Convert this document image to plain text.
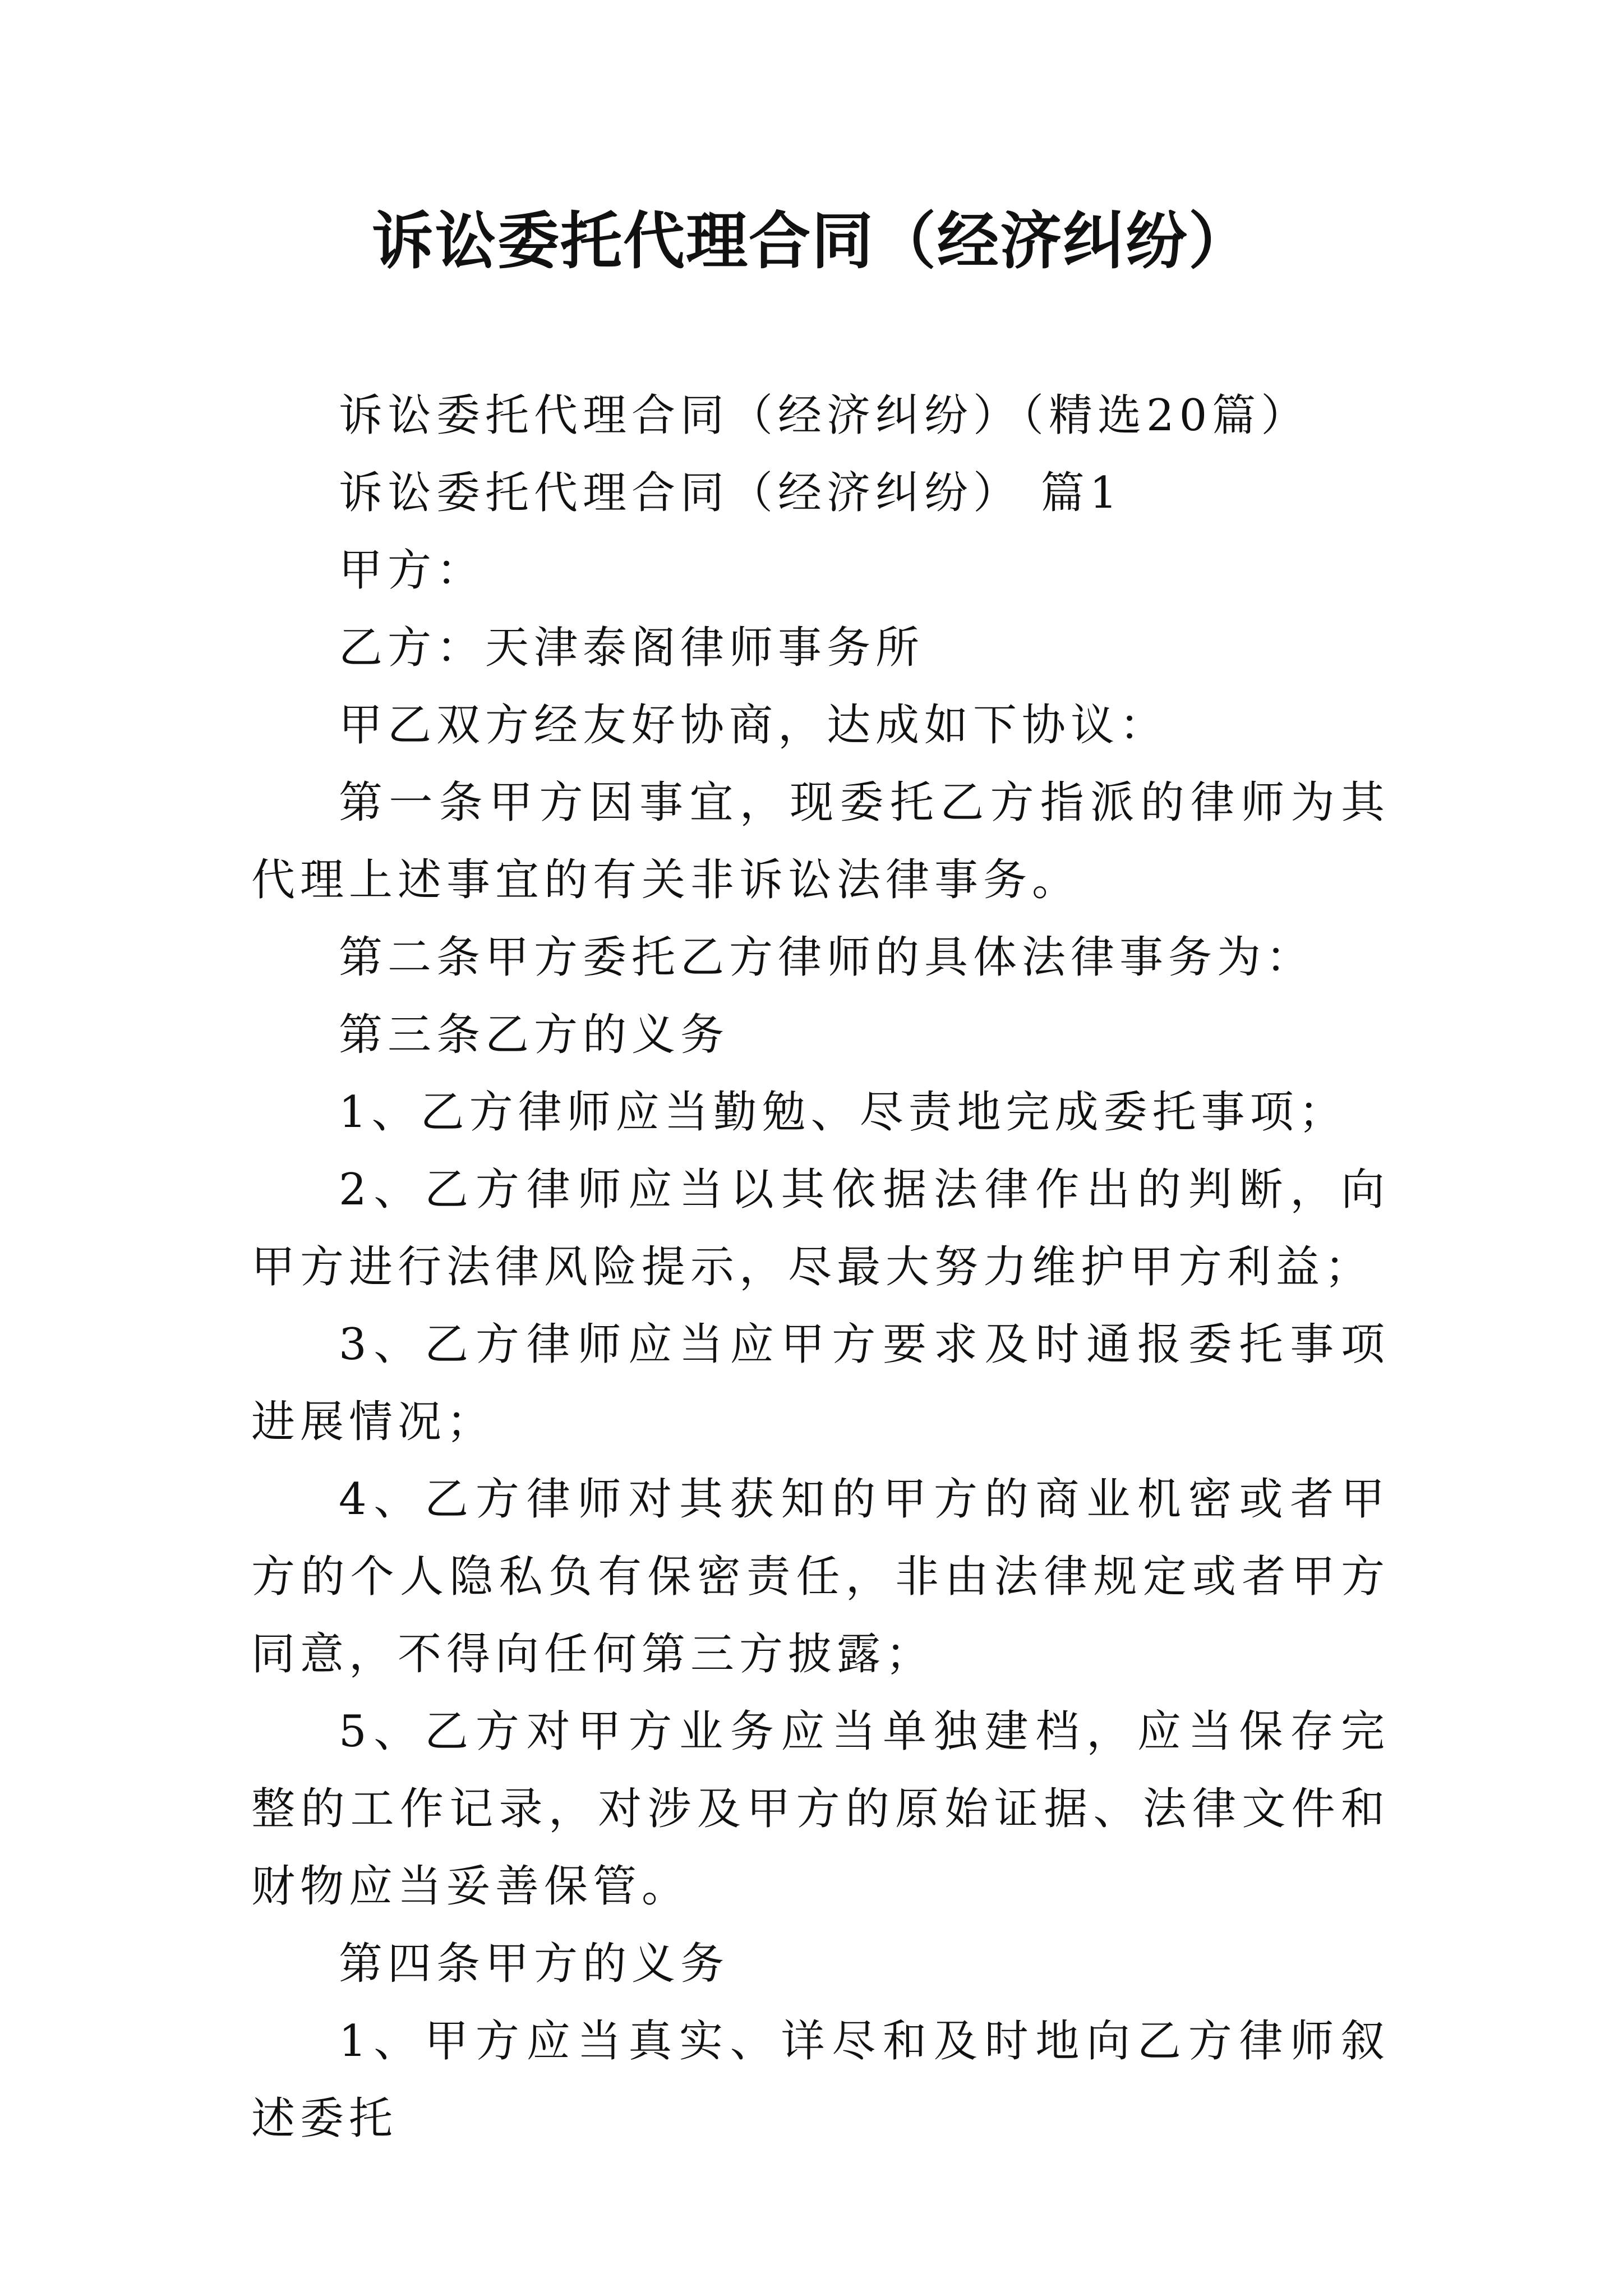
诉讼委托代理合同（经济纠纷）

诉讼委托代理合同（经济纠纷）（精选20篇）

诉讼委托代理合同（经济纠纷） 篇1

甲方：

乙方：天津泰阁律师事务所

甲乙双方经友好协商，达成如下协议：

第一条甲方因事宜，现委托乙方指派的律师为其代理上述事宜的有关非诉讼法律事务。

第二条甲方委托乙方律师的具体法律事务为：

第三条乙方的义务

1、乙方律师应当勤勉、尽责地完成委托事项；

2、乙方律师应当以其依据法律作出的判断，向甲方进行法律风险提示，尽最大努力维护甲方利益；

3、乙方律师应当应甲方要求及时通报委托事项进展情况；

4、乙方律师对其获知的甲方的商业机密或者甲方的个人隐私负有保密责任，非由法律规定或者甲方同意，不得向任何第三方披露；

5、乙方对甲方业务应当单独建档，应当保存完整的工作记录，对涉及甲方的原始证据、法律文件和财物应当妥善保管。

第四条甲方的义务

1、甲方应当真实、详尽和及时地向乙方律师叙述委托
